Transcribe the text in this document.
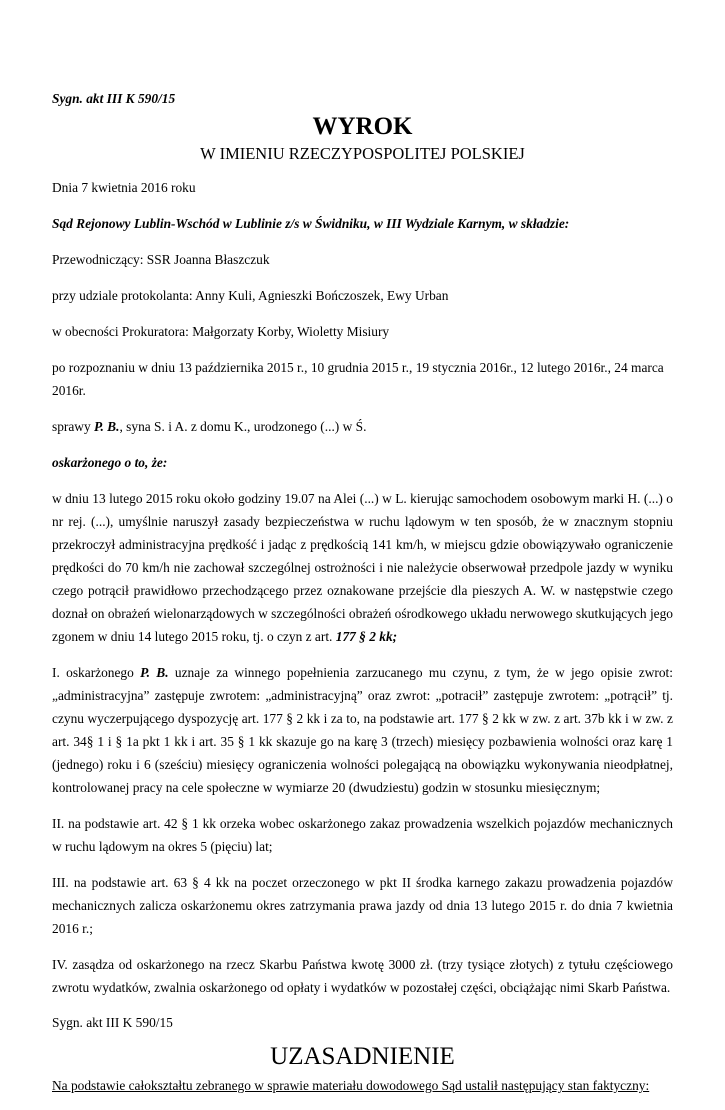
Sygn. akt III K 590/15

WYROK
W IMIENIU RZECZYPOSPOLITEJ POLSKIEJ

Dnia 7 kwietnia 2016 roku

Sąd Rejonowy Lublin-Wschód w Lublinie z/s w Świdniku, w III Wydziale Karnym, w składzie:

Przewodniczący: SSR Joanna Błaszczuk

przy udziale protokolanta: Anny Kuli, Agnieszki Bończoszek, Ewy Urban

w obecności Prokuratora: Małgorzaty Korby, Wioletty Misiury

po rozpoznaniu w dniu 13 października 2015 r., 10 grudnia 2015 r., 19 stycznia 2016r., 12 lutego 2016r., 24 marca 2016r.

sprawy P. B., syna S. i A. z domu K., urodzonego (...) w Ś.

oskarżonego o to, że:

w dniu 13 lutego 2015 roku około godziny 19.07 na Alei (...) w L. kierując samochodem osobowym marki H. (...) o nr rej. (...), umyślnie naruszył zasady bezpieczeństwa w ruchu lądowym w ten sposób, że w znacznym stopniu przekroczył administracyjna prędkość i jadąc z prędkością 141 km/h, w miejscu gdzie obowiązywało ograniczenie prędkości do 70 km/h nie zachował szczególnej ostrożności i nie należycie obserwował przedpole jazdy w wyniku czego potrącił prawidłowo przechodzącego przez oznakowane przejście dla pieszych A. W. w następstwie czego doznał on obrażeń wielonarządowych w szczególności obrażeń ośrodkowego układu nerwowego skutkujących jego zgonem w dniu 14 lutego 2015 roku, tj. o czyn z art. 177 § 2 kk;

I. oskarżonego P. B. uznaje za winnego popełnienia zarzucanego mu czynu, z tym, że w jego opisie zwrot: „administracyjna” zastępuje zwrotem: „administracyjną” oraz zwrot: „potracił” zastępuje zwrotem: „potrącił” tj. czynu wyczerpującego dyspozycję art. 177 § 2 kk i za to, na podstawie art. 177 § 2 kk w zw. z art. 37b kk i w zw. z art. 34§ 1 i § 1a pkt 1 kk i art. 35 § 1 kk skazuje go na karę 3 (trzech) miesięcy pozbawienia wolności oraz karę 1 (jednego) roku i 6 (sześciu) miesięcy ograniczenia wolności polegającą na obowiązku wykonywania nieodpłatnej, kontrolowanej pracy na cele społeczne w wymiarze 20 (dwudziestu) godzin w stosunku miesięcznym;

II. na podstawie art. 42 § 1 kk orzeka wobec oskarżonego zakaz prowadzenia wszelkich pojazdów mechanicznych w ruchu lądowym na okres 5 (pięciu) lat;

III. na podstawie art. 63 § 4 kk na poczet orzeczonego w pkt II środka karnego zakazu prowadzenia pojazdów mechanicznych zalicza oskarżonemu okres zatrzymania prawa jazdy od dnia 13 lutego 2015 r. do dnia 7 kwietnia 2016 r.;

IV. zasądza od oskarżonego na rzecz Skarbu Państwa kwotę 3000 zł. (trzy tysiące złotych) z tytułu częściowego zwrotu wydatków, zwalnia oskarżonego od opłaty i wydatków w pozostałej części, obciążając nimi Skarb Państwa.

Sygn. akt III K 590/15

UZASADNIENIE

Na podstawie całokształtu zebranego w sprawie materiału dowodowego Sąd ustalił następujący stan faktyczny:
